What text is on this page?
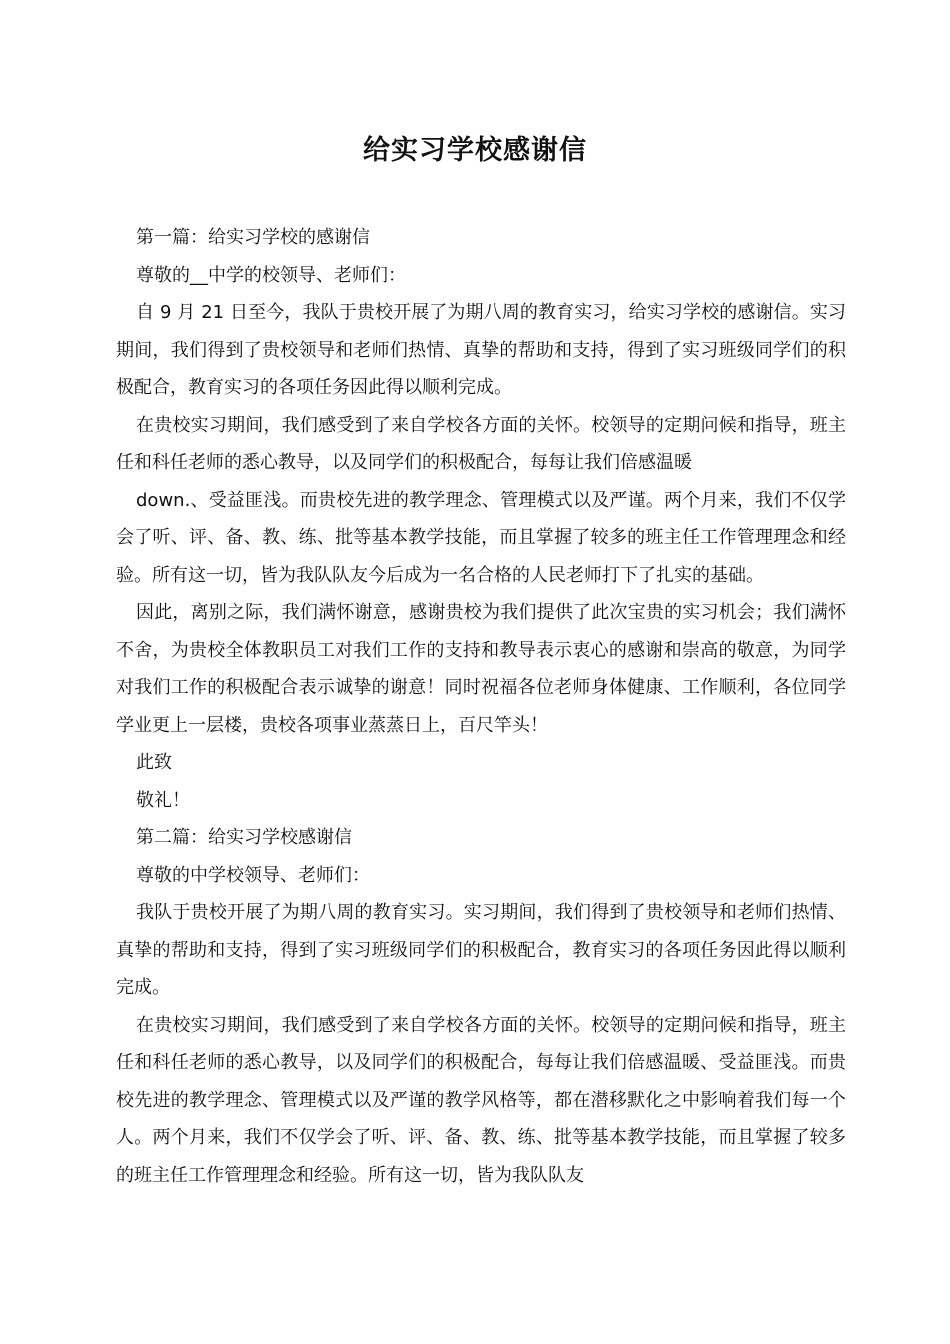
给实习学校感谢信

第一篇：给实习学校的感谢信

尊敬的__中学的校领导、老师们：

自 9 月 21 日至今，我队于贵校开展了为期八周的教育实习，给实习学校的感谢信。实习期间，我们得到了贵校领导和老师们热情、真挚的帮助和支持，得到了实习班级同学们的积极配合，教育实习的各项任务因此得以顺利完成。

在贵校实习期间，我们感受到了来自学校各方面的关怀。校领导的定期问候和指导，班主任和科任老师的悉心教导，以及同学们的积极配合，每每让我们倍感温暖

down.、受益匪浅。而贵校先进的教学理念、管理模式以及严谨。两个月来，我们不仅学会了听、评、备、教、练、批等基本教学技能，而且掌握了较多的班主任工作管理理念和经验。所有这一切，皆为我队队友今后成为一名合格的人民老师打下了扎实的基础。

因此，离别之际，我们满怀谢意，感谢贵校为我们提供了此次宝贵的实习机会；我们满怀不舍，为贵校全体教职员工对我们工作的支持和教导表示衷心的感谢和崇高的敬意，为同学对我们工作的积极配合表示诚挚的谢意！同时祝福各位老师身体健康、工作顺利，各位同学学业更上一层楼，贵校各项事业蒸蒸日上，百尺竿头！

此致

敬礼！

第二篇：给实习学校感谢信

尊敬的中学校领导、老师们：

我队于贵校开展了为期八周的教育实习。实习期间，我们得到了贵校领导和老师们热情、真挚的帮助和支持，得到了实习班级同学们的积极配合，教育实习的各项任务因此得以顺利完成。

在贵校实习期间，我们感受到了来自学校各方面的关怀。校领导的定期问候和指导，班主任和科任老师的悉心教导，以及同学们的积极配合，每每让我们倍感温暖、受益匪浅。而贵校先进的教学理念、管理模式以及严谨的教学风格等，都在潜移默化之中影响着我们每一个人。两个月来，我们不仅学会了听、评、备、教、练、批等基本教学技能，而且掌握了较多的班主任工作管理理念和经验。所有这一切，皆为我队队友
